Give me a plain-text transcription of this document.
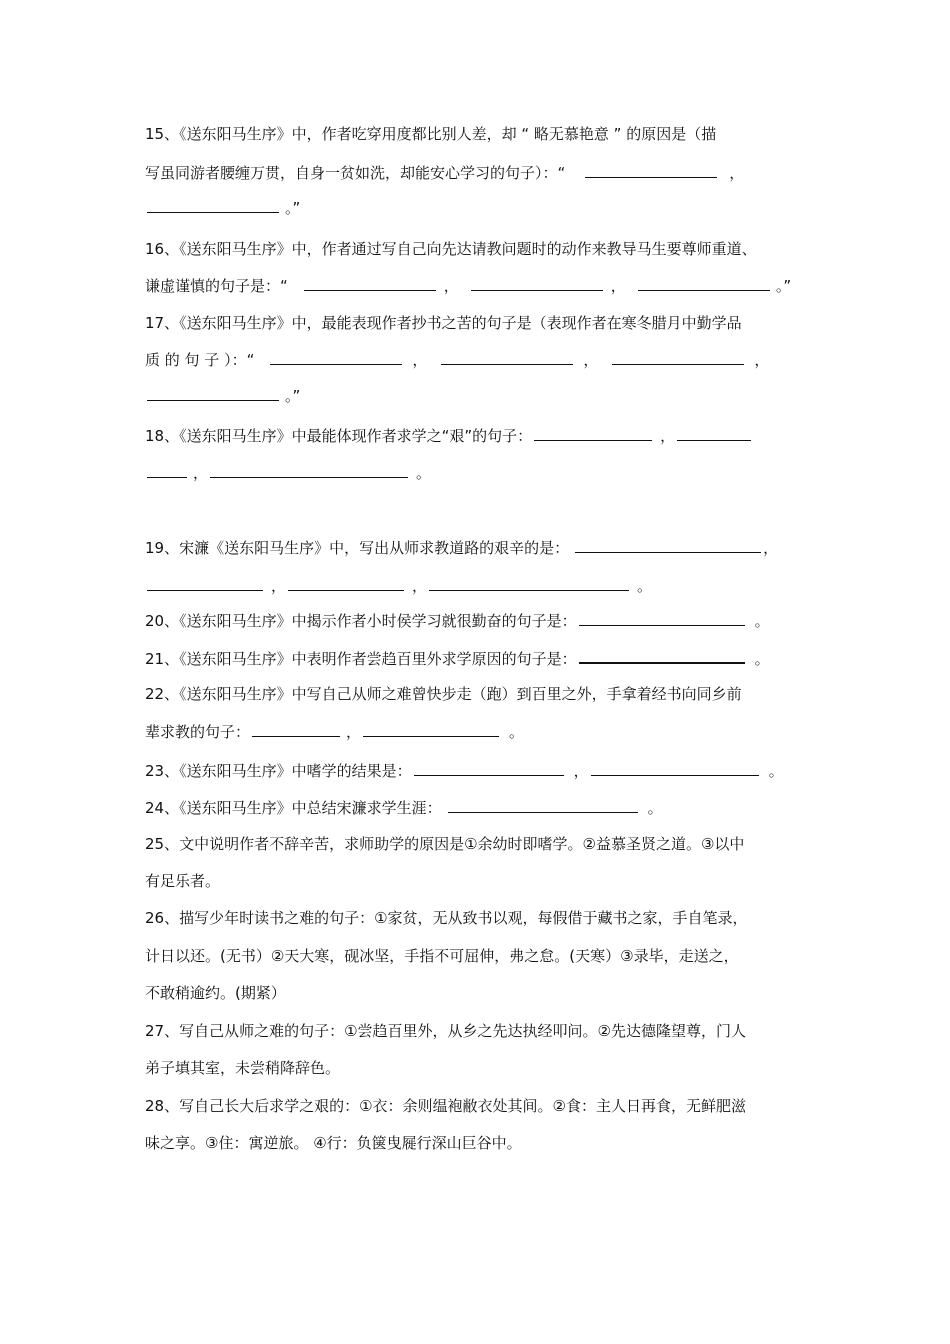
15、《送东阳马生序》中，作者吃穿用度都比别人差，却 “ 略无慕艳意 ” 的原因是（描
写虽同游者腰缠万贯，自身一贫如洗，却能安心学习的句子）：“	，
。”
16、《送东阳马生序》中，作者通过写自己向先达请教问题时的动作来教导马生要尊师重道、
谦虚谨慎的句子是：“	，	，	。”
17、《送东阳马生序》中，最能表现作者抄书之苦的句子是（表现作者在寒冬腊月中勤学品
质 的 句 子 ）：“	，	，	，
。”
18、《送东阳马生序》中最能体现作者求学之“艰”的句子：	，
，	。
19、宋濂《送东阳马生序》中，写出从师求教道路的艰辛的是：	，
，	，	。
20、《送东阳马生序》中揭示作者小时侯学习就很勤奋的句子是：	。
21、《送东阳马生序》中表明作者尝趋百里外求学原因的句子是：	。
22、《送东阳马生序》中写自己从师之难曾快步走（跑）到百里之外，手拿着经书向同乡前
辈求教的句子：	，	。
23、《送东阳马生序》中嗜学的结果是：	，	。
24、《送东阳马生序》中总结宋濂求学生涯：	。
25、文中说明作者不辞辛苦，求师助学的原因是①余幼时即嗜学。②益慕圣贤之道。③以中
有足乐者。
26、描写少年时读书之难的句子：①家贫，无从致书以观，每假借于藏书之家，手自笔录，
计日以还。(无书）②天大寒，砚冰坚，手指不可屈伸，弗之怠。(天寒）③录毕，走送之，
不敢稍逾约。(期紧）
27、写自己从师之难的句子：①尝趋百里外，从乡之先达执经叩问。②先达德隆望尊，门人
弟子填其室，未尝稍降辞色。
28、写自己长大后求学之艰的：①衣：余则缊袍敝衣处其间。②食：主人日再食，无鲜肥滋
味之享。③住：寓逆旅。 ④行：负箧曳屣行深山巨谷中。
